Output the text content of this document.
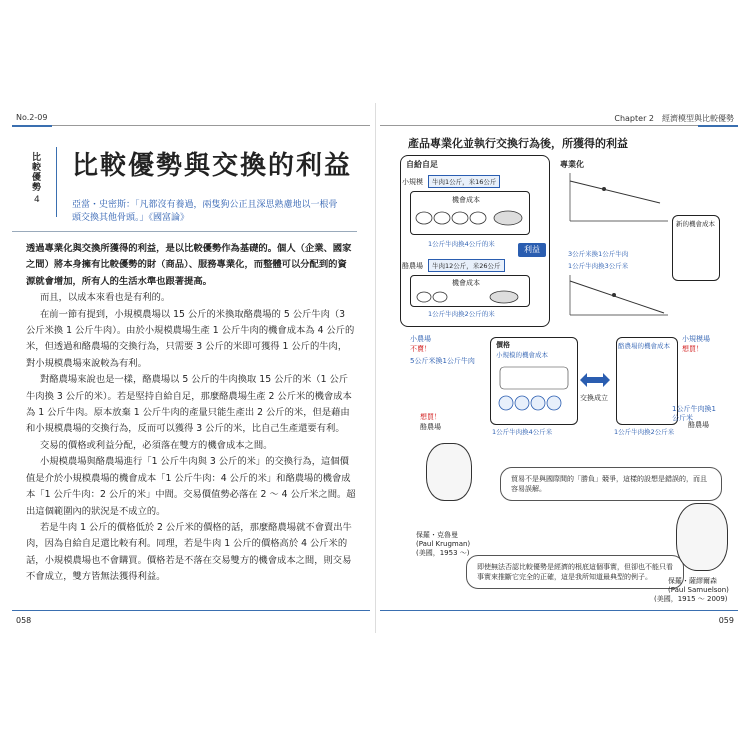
No.2-09
比較優勢
4
比較優勢與交換的利益
亞當・史密斯：「凡都沒有養過，兩隻狗公正且深思熟慮地以一根骨頭交換其他骨頭。」《國富論》

透過專業化與交換所獲得的利益，是以比較優勢作為基礎的。個人（企業、國家之間）將本身擁有比較優勢的財（商品）、服務專業化，而整體可以分配到的資源就會增加，所有人的生活水準也跟著提高。

而且，以成本來看也是有利的。

在前一節有提到，小規模農場以 15 公斤的米換取酪農場的 5 公斤牛肉（3 公斤米換 1 公斤牛肉）。由於小規模農場生產 1 公斤牛肉的機會成本為 4 公斤的米，但透過和酪農場的交換行為，只需要 3 公斤的米即可獲得 1 公斤的牛肉，對小規模農場來說較為有利。

對酪農場來說也是一樣，酪農場以 5 公斤的牛肉換取 15 公斤的米（1 公斤牛肉換 3 公斤的米）。若是堅持自給自足，那麼酪農場生產 2 公斤米的機會成本為 1 公斤牛肉。原本放棄 1 公斤牛肉的產量只能生產出 2 公斤的米，但是藉由和小規模農場的交換行為，反而可以獲得 3 公斤的米，比自己生產還要有利。

交易的價格或利益分配，必須落在雙方的機會成本之間。

小規模農場與酪農場進行「1 公斤牛肉與 3 公斤的米」的交換行為，這個價值是介於小規模農場的機會成本「1 公斤牛肉：4 公斤的米」和酪農場的機會成本「1 公斤牛肉：2 公斤的米」中間。交易價值勢必落在 2 ～ 4 公斤米之間。超出這個範圍內的狀況是不成立的。

若是牛肉 1 公斤的價格低於 2 公斤米的價格的話，那麼酪農場就不會賣出牛肉，因為自給自足還比較有利。同理，若是牛肉 1 公斤的價格高於 4 公斤米的話，小規模農場也不會購買。價格若是不落在交易雙方的機會成本之間，則交易不會成立，雙方皆無法獲得利益。

058
Chapter 2　經濟模型與比較優勢
產品專業化並執行交換行為後，所獲得的利益
自給自足
小規模	牛肉1公斤，米16公斤
機會成本
1公斤牛肉換4公斤的米
酪農場	牛肉12公斤，米26公斤
機會成本
1公斤牛肉換2公斤的米
利益
專業化
3公斤米換1公斤牛肉
1公斤牛肉換3公斤米
新的機會成本
小農場
不賣！
5公斤米換1公斤牛肉
價格
小規模的機會成本
1公斤牛肉換4公斤米
交換成立
酪農場的機會成本
1公斤牛肉換2公斤米
小規模場
想買！
1公斤牛肉換1公斤米
酪農場
想買！
酪農場
貿易不是與國際間的「勝負」競爭，這樣的設想是錯誤的，而且容易誤解。
保羅・克魯曼
(Paul Krugman)
(美國，1953 ～)
即使無法否認比較優勢是經濟的根底這個事實，但卻也不能只看事實來推斷它完全的正確，這是我所知道最典型的例子。	保羅・薩繆爾森
(Paul Samuelson)
(美國，1915 ～ 2009)
059
